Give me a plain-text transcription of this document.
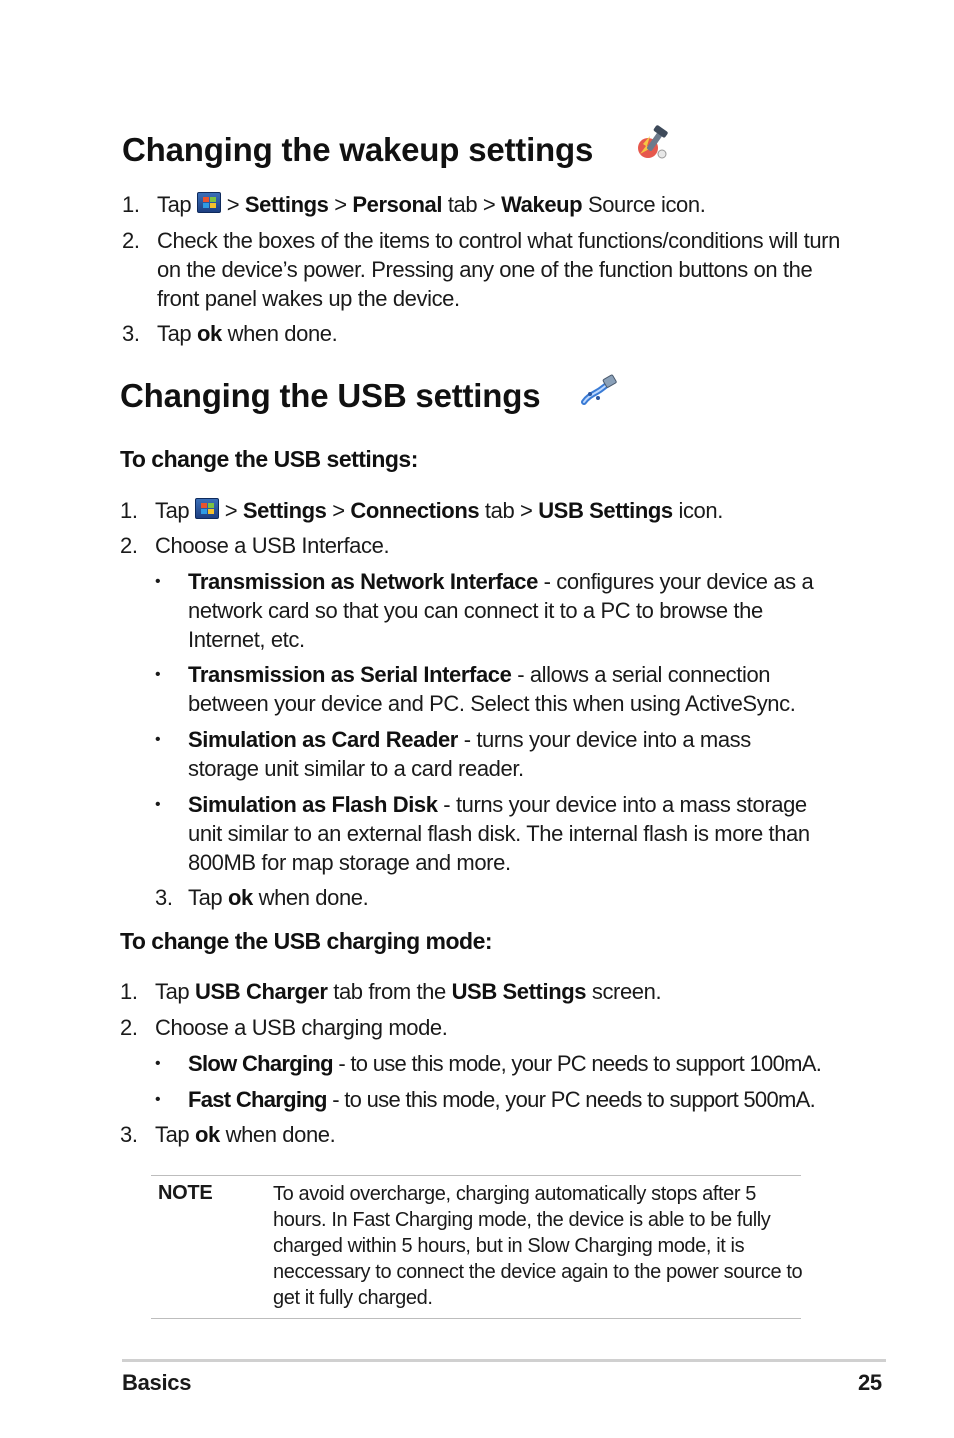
Changing the wakeup settings
1. Tap > Settings > Personal tab > Wakeup Source icon.
2. Check the boxes of the items to control what functions/conditions will turn on the device’s power. Pressing any one of the function buttons on the front panel wakes up the device.
3. Tap ok when done.
Changing the USB settings
To change the USB settings:
1. Tap > Settings > Connections tab > USB Settings icon.
2. Choose a USB Interface.
• Transmission as Network Interface - configures your device as a network card so that you can connect it to a PC to browse the Internet, etc.
• Transmission as Serial Interface - allows a serial connection between your device and PC. Select this when using ActiveSync.
• Simulation as Card Reader - turns your device into a mass storage unit similar to a card reader.
• Simulation as Flash Disk - turns your device into a mass storage unit similar to an external flash disk. The internal flash is more than 800MB for map storage and more.
3. Tap ok when done.
To change the USB charging mode:
1. Tap USB Charger tab from the USB Settings screen.
2. Choose a USB charging mode.
• Slow Charging - to use this mode, your PC needs to support 100mA.
• Fast Charging - to use this mode, your PC needs to support 500mA.
3. Tap ok when done.
NOTE	To avoid overcharge, charging automatically stops after 5 hours. In Fast Charging mode, the device is able to be fully charged within 5 hours, but in Slow Charging mode, it is neccessary to connect the device again to the power source to get it fully charged.
Basics	25
